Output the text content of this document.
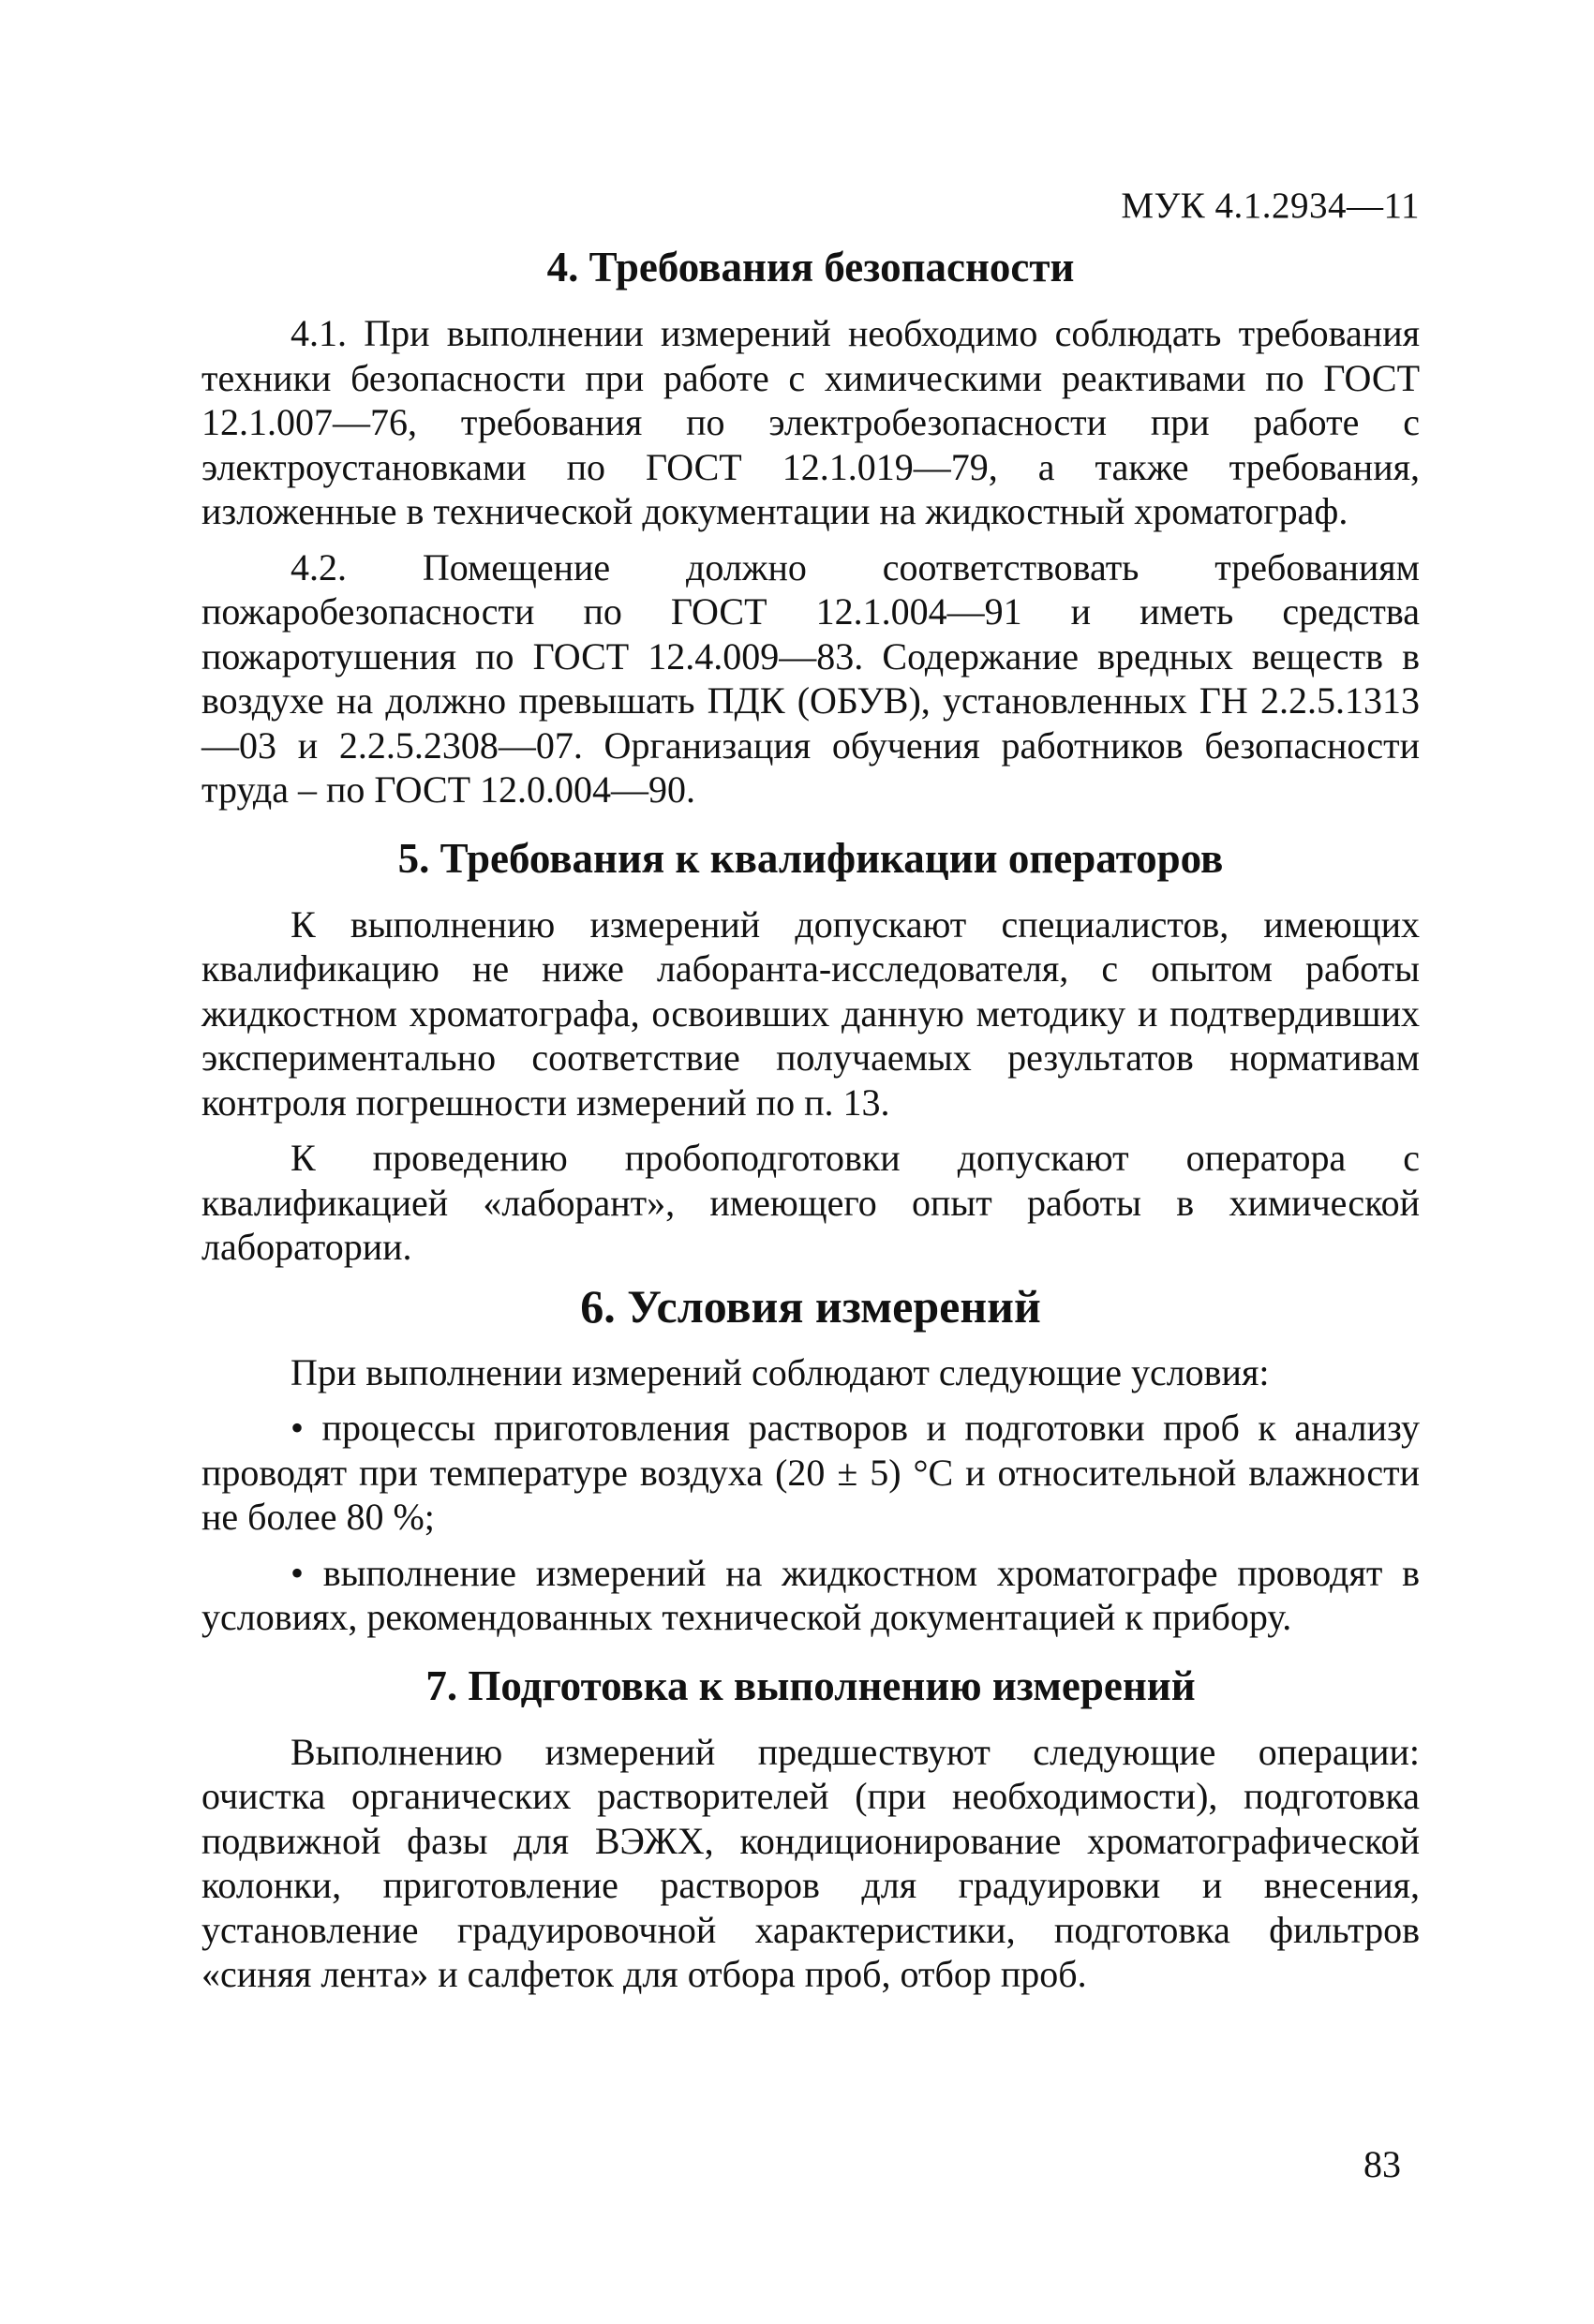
МУК 4.1.2934—11
4. Требования безопасности

4.1. При выполнении измерений необходимо соблюдать требования техники безопасности при работе с химическими реактивами по ГОСТ 12.1.007—76, требования по электробезопасности при работе с электроустановками по ГОСТ 12.1.019—79, а также требования, изложенные в технической документации на жидкостный хроматограф.

4.2. Помещение должно соответствовать требованиям пожаробезопасности по ГОСТ 12.1.004—91 и иметь средства пожаротушения по ГОСТ 12.4.009—83. Содержание вредных веществ в воздухе на должно превышать ПДК (ОБУВ), установленных ГН 2.2.5.1313—03 и 2.2.5.2308—07. Организация обучения работников безопасности труда – по ГОСТ 12.0.004—90.

5. Требования к квалификации операторов

К выполнению измерений допускают специалистов, имеющих квалификацию не ниже лаборанта-исследователя, с опытом работы жидкостном хроматографа, освоивших данную методику и подтвердивших экспериментально соответствие получаемых результатов нормативам контроля погрешности измерений по п. 13.

К проведению пробоподготовки допускают оператора с квалификацией «лаборант», имеющего опыт работы в химической лаборатории.

6. Условия измерений

При выполнении измерений соблюдают следующие условия:

• процессы приготовления растворов и подготовки проб к анализу проводят при температуре воздуха (20 ± 5) °С и относительной влажности не более 80 %;

• выполнение измерений на жидкостном хроматографе проводят в условиях, рекомендованных технической документацией к прибору.

7. Подготовка к выполнению измерений

Выполнению измерений предшествуют следующие операции: очистка органических растворителей (при необходимости), подготовка подвижной фазы для ВЭЖХ, кондиционирование хроматографической колонки, приготовление растворов для градуировки и внесения, установление градуировочной характеристики, подготовка фильтров «синяя лента» и салфеток для отбора проб, отбор проб.

83
